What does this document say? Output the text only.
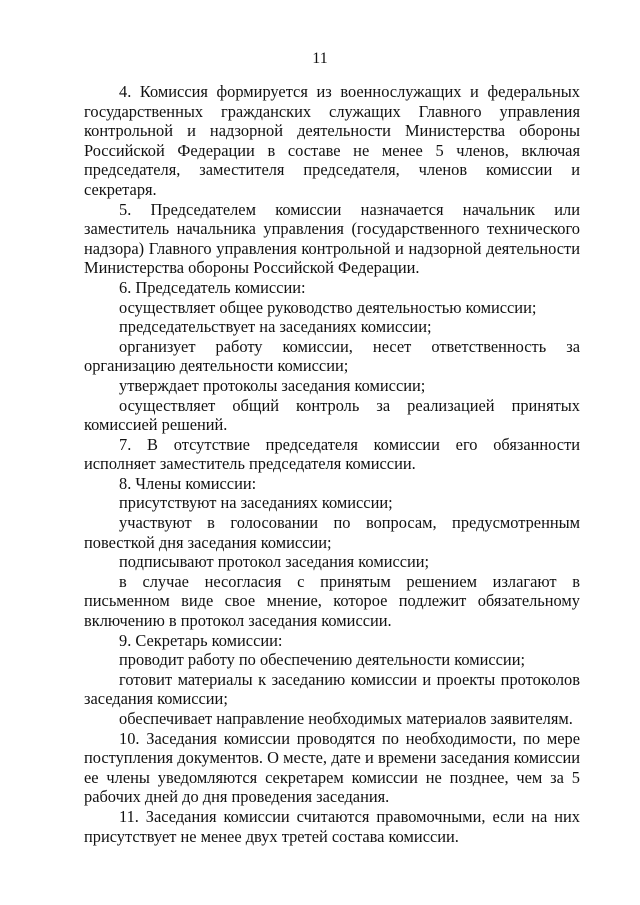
11

4. Комиссия формируется из военнослужащих и федеральных государственных гражданских служащих Главного управления контрольной и надзорной деятельности Министерства обороны Российской Федерации в составе не менее 5 членов, включая председателя, заместителя председателя, членов комиссии и секретаря.

5. Председателем комиссии назначается начальник или заместитель начальника управления (государственного технического надзора) Главного управления контрольной и надзорной деятельности Министерства обороны Российской Федерации.

6. Председатель комиссии:

осуществляет общее руководство деятельностью комиссии;

председательствует на заседаниях комиссии;

организует работу комиссии, несет ответственность за организацию деятельности комиссии;

утверждает протоколы заседания комиссии;

осуществляет общий контроль за реализацией принятых комиссией решений.

7. В отсутствие председателя комиссии его обязанности исполняет заместитель председателя комиссии.

8. Члены комиссии:

присутствуют на заседаниях комиссии;

участвуют в голосовании по вопросам, предусмотренным повесткой дня заседания комиссии;

подписывают протокол заседания комиссии;

в случае несогласия с принятым решением излагают в письменном виде свое мнение, которое подлежит обязательному включению в протокол заседания комиссии.

9. Секретарь комиссии:

проводит работу по обеспечению деятельности комиссии;

готовит материалы к заседанию комиссии и проекты протоколов заседания комиссии;

обеспечивает направление необходимых материалов заявителям.

10. Заседания комиссии проводятся по необходимости, по мере поступления документов. О месте, дате и времени заседания комиссии ее члены уведомляются секретарем комиссии не позднее, чем за 5 рабочих дней до дня проведения заседания.

11. Заседания комиссии считаются правомочными, если на них присутствует не менее двух третей состава комиссии.
